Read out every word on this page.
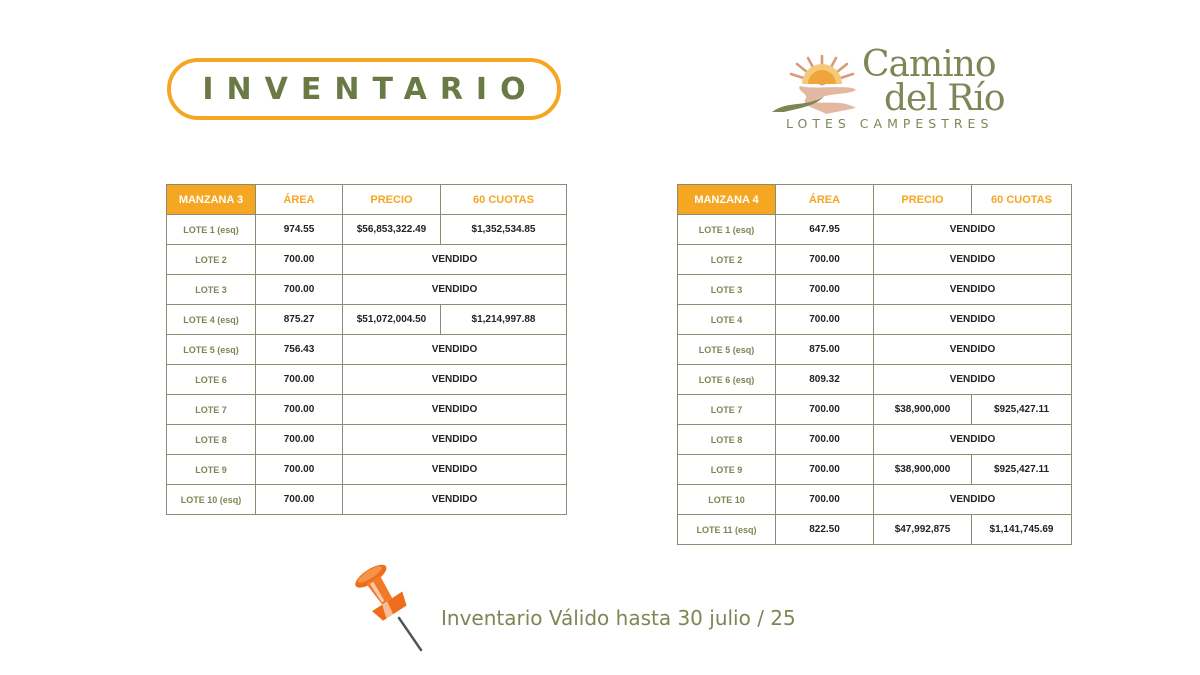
INVENTARIO
Camino
del Río
LOTES CAMPESTRES
MANZANA 3	ÁREA	PRECIO	60 CUOTAS
LOTE 1 (esq)	974.55	$56,853,322.49	$1,352,534.85
LOTE 2	700.00	VENDIDO	
LOTE 3	700.00	VENDIDO	
LOTE 4 (esq)	875.27	$51,072,004.50	$1,214,997.88
LOTE 5 (esq)	756.43	VENDIDO	
LOTE 6	700.00	VENDIDO	
LOTE 7	700.00	VENDIDO	
LOTE 8	700.00	VENDIDO	
LOTE 9	700.00	VENDIDO	
LOTE 10 (esq)	700.00	VENDIDO	
MANZANA 4	ÁREA	PRECIO	60 CUOTAS
LOTE 1 (esq)	647.95	VENDIDO	
LOTE 2	700.00	VENDIDO	
LOTE 3	700.00	VENDIDO	
LOTE 4	700.00	VENDIDO	
LOTE 5 (esq)	875.00	VENDIDO	
LOTE 6 (esq)	809.32	VENDIDO	
LOTE 7	700.00	$38,900,000	$925,427.11
LOTE 8	700.00	VENDIDO	
LOTE 9	700.00	$38,900,000	$925,427.11
LOTE 10	700.00	VENDIDO	
LOTE 11 (esq)	822.50	$47,992,875	$1,141,745.69
Inventario Válido hasta 30 julio / 25
